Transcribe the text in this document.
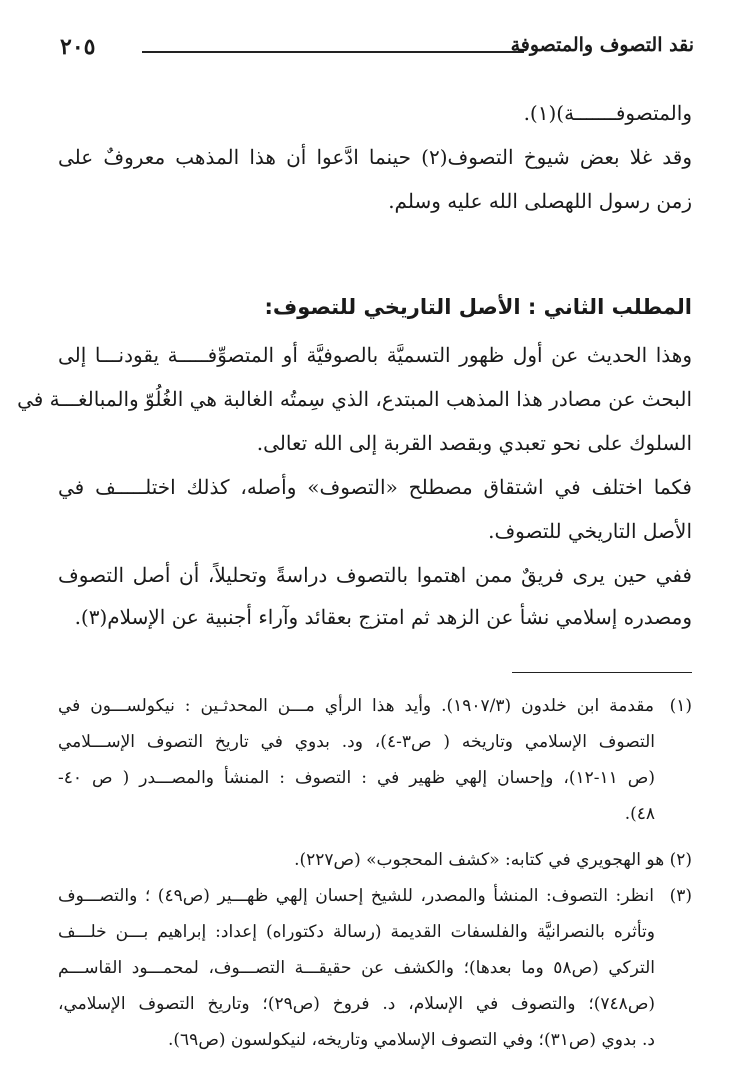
٢٠٥	نقد التصوف والمتصوفة
والمتصوفـــــــة)(١).
وقد غلا بعض شيوخ التصوف(٢) حينما ادَّعوا أن هذا المذهب معروفٌ على
زمن رسول اللهصلى الله عليه وسلم.
المطلب الثاني : الأصل التاريخي للتصوف:
وهذا الحديث عن أول ظهور التسميَّة بالصوفيَّة أو المتصوِّفـــــة يقودنـــا إلى
البحث عن مصادر هذا المذهب المبتدع، الذي سِمتُه الغالبة هي الغُلُوّ والمبالغـــة في
السلوك على نحو تعبدي وبقصد القربة إلى الله تعالى.
فكما اختلف في اشتقاق مصطلح «التصوف» وأصله، كذلك اختلـــــف في
الأصل التاريخي للتصوف.
ففي حين يرى فريقٌ ممن اهتموا بالتصوف دراسةً وتحليلاً، أن أصل التصوف
ومصدره إسلامي نشأ عن الزهد ثم امتزج بعقائد وآراء أجنبية عن الإسلام(٣).
(١)مقدمة ابن خلدون (١٩٠٧/٣). وأيد هذا الرأي مـــن المحدثـين : نيكولســـون في
التصوف الإسلامي وتاريخه ( ص٣-٤)، ود. بدوي في تاريخ التصوف الإســـلامي
(ص ١١-١٢)، وإحسان إلهي ظهير في : التصوف : المنشأ والمصـــدر ( ص ٤٠-
٤٨).
(٢) هو الهجويري في كتابه: «كشف المحجوب» (ص٢٢٧).
(٣)انظر: التصوف: المنشأ والمصدر، للشيخ إحسان إلهي ظهـــير (ص٤٩) ؛ والتصـــوف
وتأثره بالنصرانيَّة والفلسفات القديمة (رسالة دكتوراه) إعداد: إبراهيم بـــن خلـــف
التركي (ص٥٨ وما بعدها)؛ والكشف عن حقيقـــة التصـــوف، لمحمـــود القاســـم
(ص٧٤٨)؛ والتصوف في الإسلام، د. فروخ (ص٢٩)؛ وتاريخ التصوف الإسلامي،
د. بدوي (ص٣١)؛ وفي التصوف الإسلامي وتاريخه، لنيكولسون (ص٦٩).
